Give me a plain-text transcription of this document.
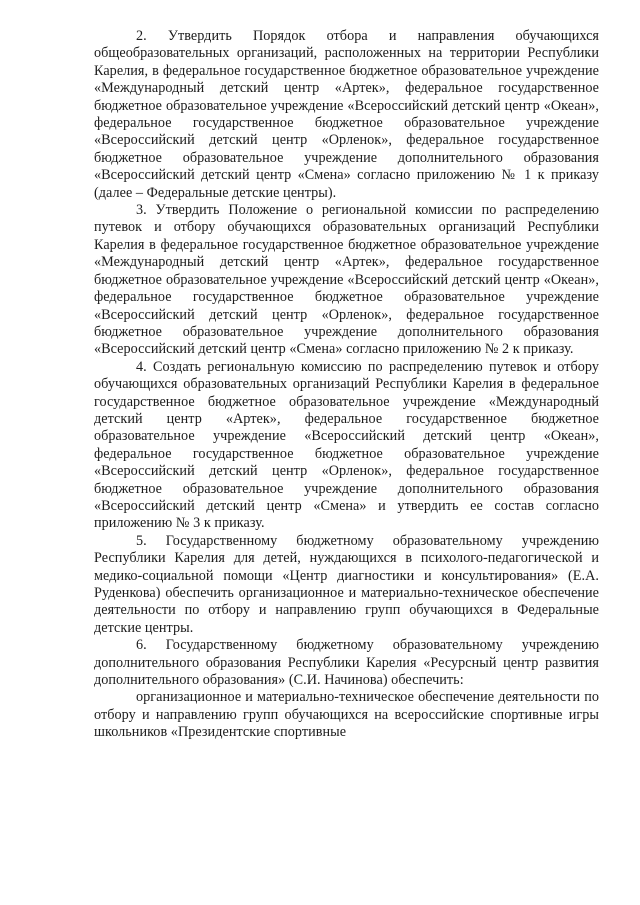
2. Утвердить Порядок отбора и направления обучающихся общеобразовательных организаций, расположенных на территории Республики Карелия, в федеральное государственное бюджетное образовательное учреждение «Международный детский центр «Артек», федеральное государственное бюджетное образовательное учреждение «Всероссийский детский центр «Океан», федеральное государственное бюджетное образовательное учреждение «Всероссийский детский центр «Орленок», федеральное государственное бюджетное образовательное учреждение дополнительного образования «Всероссийский детский центр «Смена» согласно приложению № 1 к приказу (далее – Федеральные детские центры).

3. Утвердить Положение о региональной комиссии по распределению путевок и отбору обучающихся образовательных организаций Республики Карелия в федеральное государственное бюджетное образовательное учреждение «Международный детский центр «Артек», федеральное государственное бюджетное образовательное учреждение «Всероссийский детский центр «Океан», федеральное государственное бюджетное образовательное учреждение «Всероссийский детский центр «Орленок», федеральное государственное бюджетное образовательное учреждение дополнительного образования «Всероссийский детский центр «Смена» согласно приложению № 2 к приказу.

4. Создать региональную комиссию по распределению путевок и отбору обучающихся образовательных организаций Республики Карелия в федеральное государственное бюджетное образовательное учреждение «Международный детский центр «Артек», федеральное государственное бюджетное образовательное учреждение «Всероссийский детский центр «Океан», федеральное государственное бюджетное образовательное учреждение «Всероссийский детский центр «Орленок», федеральное государственное бюджетное образовательное учреждение дополнительного образования «Всероссийский детский центр «Смена» и утвердить ее состав согласно приложению № 3 к приказу.

5. Государственному бюджетному образовательному учреждению Республики Карелия для детей, нуждающихся в психолого-педагогической и медико-социальной помощи «Центр диагностики и консультирования» (Е.А. Руденкова) обеспечить организационное и материально-техническое обеспечение деятельности по отбору и направлению групп обучающихся в Федеральные детские центры.

6. Государственному бюджетному образовательному учреждению дополнительного образования Республики Карелия «Ресурсный центр развития дополнительного образования» (С.И. Начинова) обеспечить:

организационное и материально-техническое обеспечение деятельности по отбору и направлению групп обучающихся на всероссийские спортивные игры школьников «Президентские спортивные
